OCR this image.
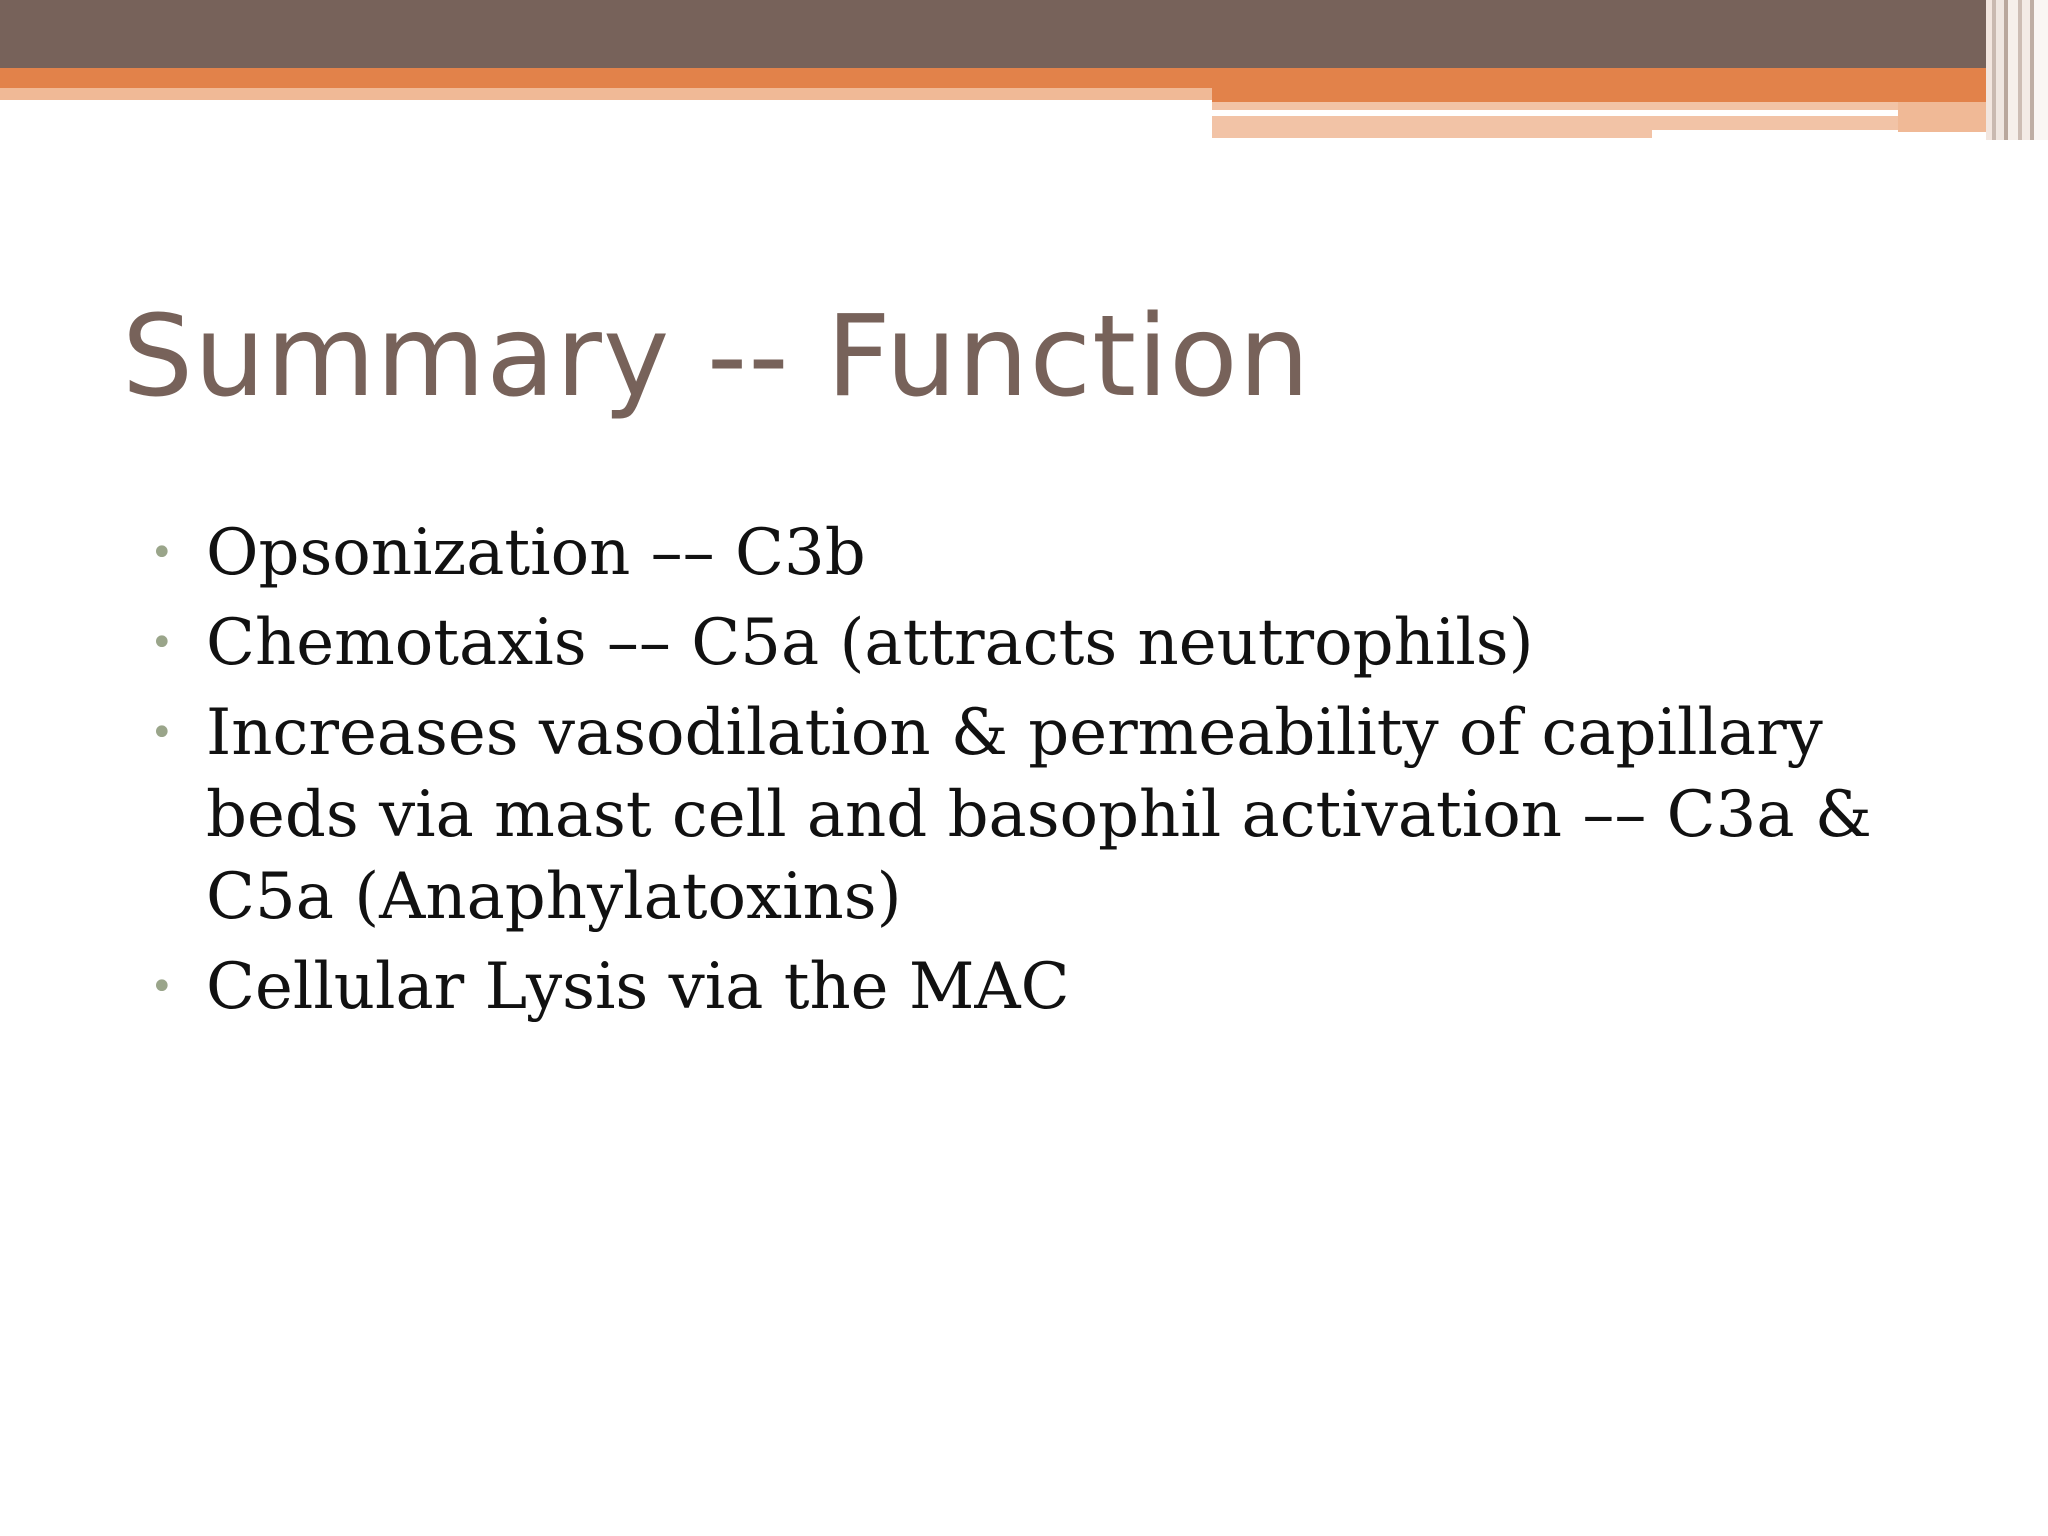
Summary -- Function
• Opsonization –– C3b
• Chemotaxis –– C5a (attracts neutrophils)
• Increases vasodilation & permeability of capillary beds via mast cell and basophil activation –– C3a & C5a (Anaphylatoxins)
• Cellular Lysis via the MAC
